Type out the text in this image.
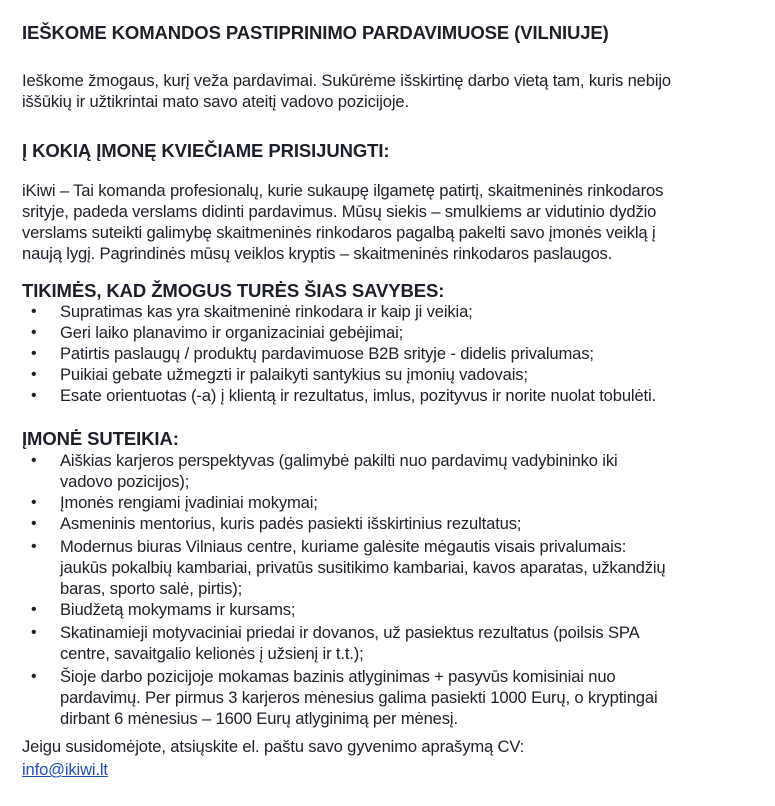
IEŠKOME KOMANDOS PASTIPRINIMO PARDAVIMUOSE (VILNIUJE)

Ieškome žmogaus, kurį veža pardavimai. Sukūrėme išskirtinę darbo vietą tam, kuris nebijo

iššūkių ir užtikrintai mato savo ateitį vadovo pozicijoje.

Į KOKIĄ ĮMONĘ KVIEČIAME PRISIJUNGTI:

iKiwi – Tai komanda profesionalų, kurie sukaupę ilgametę patirtį, skaitmeninės rinkodaros

srityje, padeda verslams didinti pardavimus. Mūsų siekis – smulkiems ar vidutinio dydžio

verslams suteikti galimybę skaitmeninės rinkodaros pagalbą pakelti savo įmonės veiklą į

naują lygį. Pagrindinės mūsų veiklos kryptis – skaitmeninės rinkodaros paslaugos.

TIKIMĖS, KAD ŽMOGUS TURĖS ŠIAS SAVYBES:
• Supratimas kas yra skaitmeninė rinkodara ir kaip ji veikia;
• Geri laiko planavimo ir organizaciniai gebėjimai;
• Patirtis paslaugų / produktų pardavimuose B2B srityje - didelis privalumas;
• Puikiai gebate užmegzti ir palaikyti santykius su įmonių vadovais;
• Esate orientuotas (-a) į klientą ir rezultatus, imlus, pozityvus ir norite nuolat tobulėti.
ĮMONĖ SUTEIKIA:
• Aiškias karjeros perspektyvas (galimybė pakilti nuo pardavimų vadybininko iki
vadovo pozicijos);
• Įmonės rengiami įvadiniai mokymai;
• Asmeninis mentorius, kuris padės pasiekti išskirtinius rezultatus;
• Modernus biuras Vilniaus centre, kuriame galėsite mėgautis visais privalumais:
jaukūs pokalbių kambariai, privatūs susitikimo kambariai, kavos aparatas, užkandžių
baras, sporto salė, pirtis);
• Biudžetą mokymams ir kursams;
• Skatinamieji motyvaciniai priedai ir dovanos, už pasiektus rezultatus (poilsis SPA
centre, savaitgalio kelionės į užsienį ir t.t.);
• Šioje darbo pozicijoje mokamas bazinis atlyginimas + pasyvūs komisiniai nuo
pardavimų. Per pirmus 3 karjeros mėnesius galima pasiekti 1000 Eurų, o kryptingai
dirbant 6 mėnesius – 1600 Eurų atlyginimą per mėnesį.

Jeigu susidomėjote, atsiųskite el. paštu savo gyvenimo aprašymą CV:

info@ikiwi.lt
